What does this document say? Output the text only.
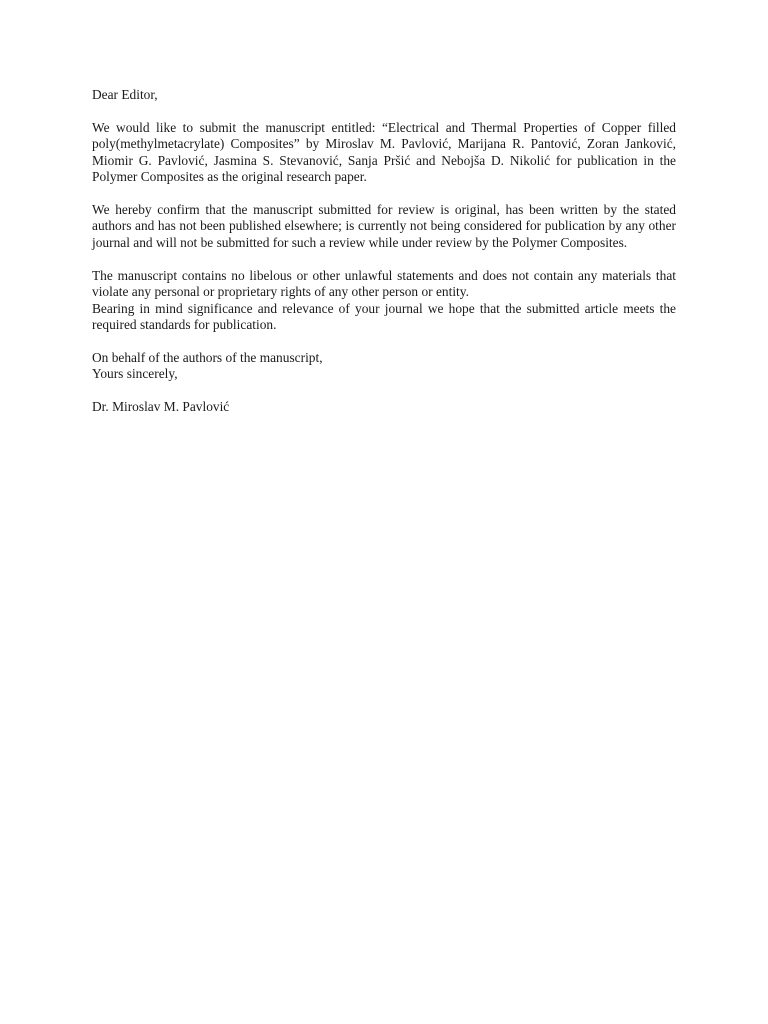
Dear Editor,

We would like to submit the manuscript entitled: “Electrical and Thermal Properties of Copper filled poly(methylmetacrylate) Composites” by Miroslav M. Pavlović, Marijana R. Pantović, Zoran Janković, Miomir G. Pavlović, Jasmina S. Stevanović, Sanja Pršić and Nebojša D. Nikolić for publication in the Polymer Composites as the original research paper.

We hereby confirm that the manuscript submitted for review is original, has been written by the stated authors and has not been published elsewhere; is currently not being considered for publication by any other journal and will not be submitted for such a review while under review by the Polymer Composites.

The manuscript contains no libelous or other unlawful statements and does not contain any materials that violate any personal or proprietary rights of any other person or entity.

Bearing in mind significance and relevance of your journal we hope that the submitted article meets the required standards for publication.

On behalf of the authors of the manuscript,

Yours sincerely,

Dr. Miroslav M. Pavlović
